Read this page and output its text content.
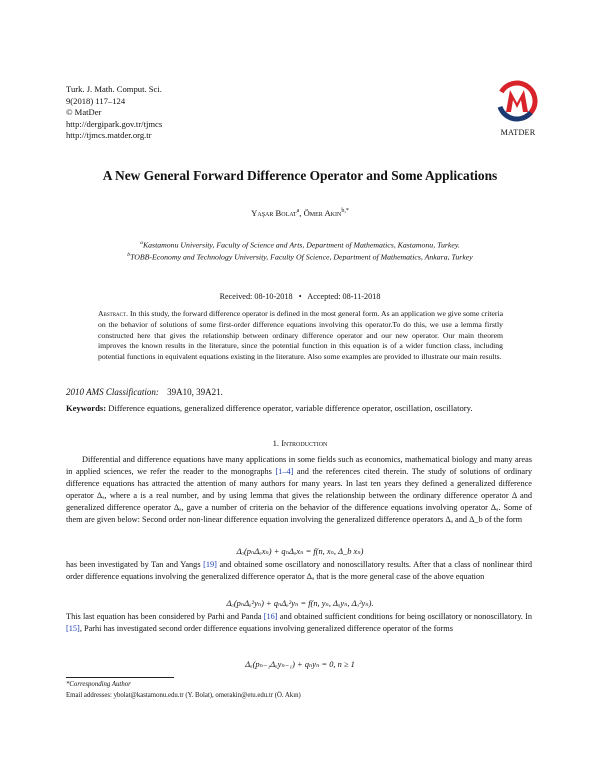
Turk. J. Math. Comput. Sci.
9(2018) 117–124
© MatDer
http://dergipark.gov.tr/tjmcs
http://tjmcs.matder.org.tr	MATDER
A New General Forward Difference Operator and Some Applications
Yaşar Bolat$^a$, Ömer Akın$^{b,*}$
$^a$Kastamonu University, Faculty of Science and Arts, Department of Mathematics, Kastamonu, Turkey.
$^b$TOBB-Economy and Technology University, Faculty Of Science, Department of Mathematics, Ankara, Turkey
Received: 08-10-2018 • Accepted: 08-11-2018
Abstract. In this study, the forward difference operator is defined in the most general form. As an application we give some criteria on the behavior of solutions of some first-order difference equations involving this operator.To do this, we use a lemma firstly constructed here that gives the relationship between ordinary difference operator and our new operator. Our main theorem improves the known results in the literature, since the potential function in this equation is of a wider function class, including potential functions in equivalent equations existing in the literature. Also some examples are provided to illustrate our main results.
2010 AMS Classification: 39A10, 39A21.
Keywords: Difference equations, generalized difference operator, variable difference operator, oscillation, oscillatory.
1. Introduction
Differential and difference equations have many applications in some fields such as economics, mathematical biology and many areas in applied sciences, we refer the reader to the monographs [1–4] and the references cited therein. The study of solutions of ordinary difference equations has attracted the attention of many authors for many years. In last ten years they defined a generalized difference operator Δₐ, where a is a real number, and by using lemma that gives the relationship between the ordinary difference operator Δ and generalized difference operator Δₐ, gave a number of criteria on the behavior of the difference equations involving operator Δₐ. Some of them are given below: Second order non-linear difference equation involving the generalized difference operators Δₐ and Δ_b of the form
Δₐ(pₙΔₐxₙ) + qₙΔₐxₙ = f(n, xₙ, Δ_b xₙ)
has been investigated by Tan and Yangs [19] and obtained some oscillatory and nonoscillatory results. After that a class of nonlinear third order difference equations involving the generalized difference operator Δₐ that is the more general case of the above equation
Δₐ(pₙΔₐ²yₙ) + qₙΔₐ²yₙ = f(n, yₙ, Δₐyₙ, Δₐ²yₙ).
This last equation has been considered by Parhi and Panda [16] and obtained sufficient conditions for being oscillatory or nonoscillatory. In [15], Parhi has investigated second order difference equations involving generalized difference operator of the forms
Δₐ(pₙ₋₁Δₐyₙ₋₁) + qₙyₙ = 0, n ≥ 1
*Corresponding Author
Email addresses: ybolat@kastamonu.edu.tr (Y. Bolat), omerakin@etu.edu.tr (Ö. Akın)
